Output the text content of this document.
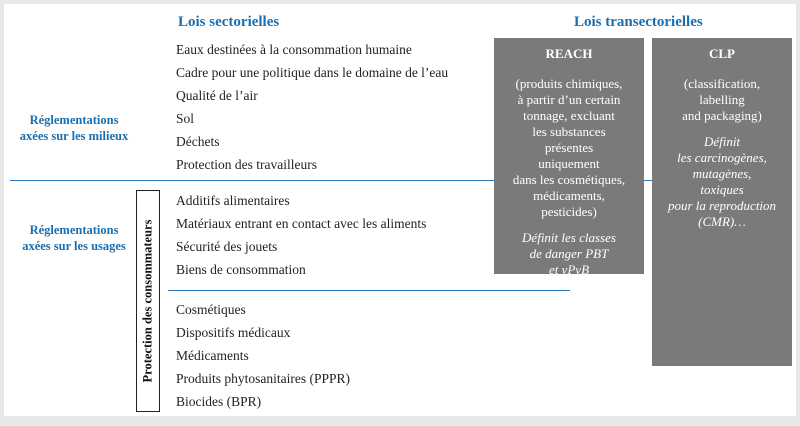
Lois sectorielles	Lois transectorielles
Réglementations
axées sur les milieux
Réglementations
axées sur les usages
Eaux destinées à la consommation humaine
Cadre pour une politique dans le domaine de l’eau
Qualité de l’air
Sol
Déchets
Protection des travailleurs
Additifs alimentaires
Matériaux entrant en contact avec les aliments
Sécurité des jouets
Biens de consommation
Cosmétiques
Dispositifs médicaux
Médicaments
Produits phytosanitaires (PPPR)
Biocides (BPR)
Protection des consommateurs
REACH
(produits chimiques,
à partir d’un certain
tonnage, excluant
les substances
présentes
uniquement
dans les cosmétiques,
médicaments,
pesticides)
Définit les classes
de danger PBT
et vPvB
CLP
(classification,
labelling
and packaging)
Définit
les carcinogènes,
mutagènes,
toxiques
pour la reproduction
(CMR)…
